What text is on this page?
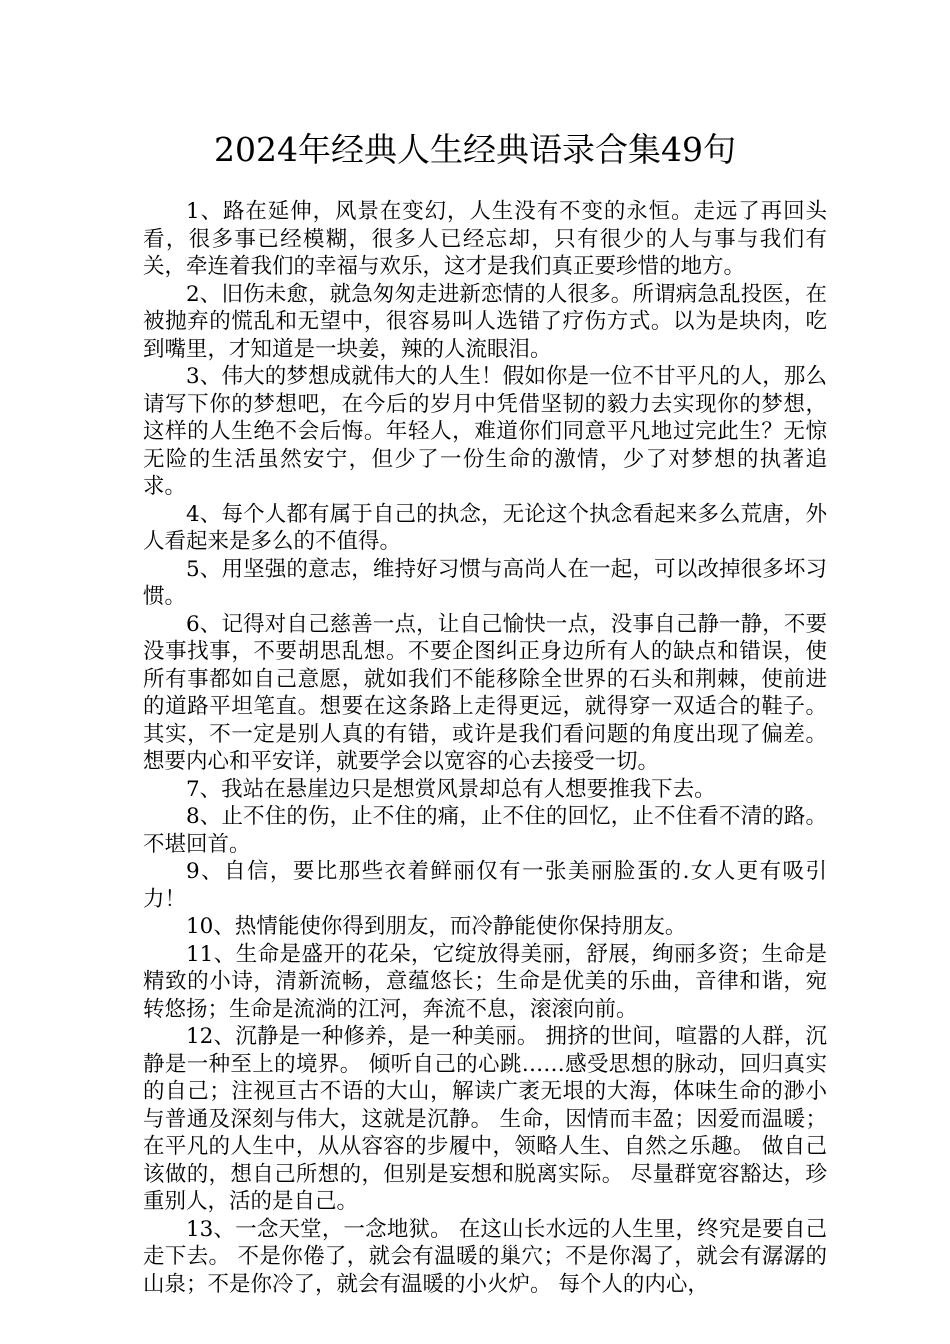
2024年经典人生经典语录合集49句

1、路在延伸，风景在变幻，人生没有不变的永恒。走远了再回头看，很多事已经模糊，很多人已经忘却，只有很少的人与事与我们有关，牵连着我们的幸福与欢乐，这才是我们真正要珍惜的地方。

2、旧伤未愈，就急匆匆走进新恋情的人很多。所谓病急乱投医，在被抛弃的慌乱和无望中，很容易叫人选错了疗伤方式。以为是块肉，吃到嘴里，才知道是一块姜，辣的人流眼泪。

3、伟大的梦想成就伟大的人生！假如你是一位不甘平凡的人，那么请写下你的梦想吧，在今后的岁月中凭借坚韧的毅力去实现你的梦想，这样的人生绝不会后悔。年轻人，难道你们同意平凡地过完此生？无惊无险的生活虽然安宁，但少了一份生命的激情，少了对梦想的执著追求。

4、每个人都有属于自己的执念，无论这个执念看起来多么荒唐，外人看起来是多么的不值得。

5、用坚强的意志，维持好习惯与高尚人在一起，可以改掉很多坏习惯。

6、记得对自己慈善一点，让自己愉快一点，没事自己静一静，不要没事找事，不要胡思乱想。不要企图纠正身边所有人的缺点和错误，使所有事都如自己意愿，就如我们不能移除全世界的石头和荆棘，使前进的道路平坦笔直。想要在这条路上走得更远，就得穿一双适合的鞋子。其实，不一定是别人真的有错，或许是我们看问题的角度出现了偏差。想要内心和平安详，就要学会以宽容的心去接受一切。

7、我站在悬崖边只是想赏风景却总有人想要推我下去。

8、止不住的伤，止不住的痛，止不住的回忆，止不住看不清的路。不堪回首。

9、自信，要比那些衣着鲜丽仅有一张美丽脸蛋的.女人更有吸引力！

10、热情能使你得到朋友，而冷静能使你保持朋友。

11、生命是盛开的花朵，它绽放得美丽，舒展，绚丽多资；生命是精致的小诗，清新流畅，意蕴悠长；生命是优美的乐曲，音律和谐，宛转悠扬；生命是流淌的江河，奔流不息，滚滚向前。

12、沉静是一种修养，是一种美丽。 拥挤的世间，喧嚣的人群，沉静是一种至上的境界。 倾听自己的心跳……感受思想的脉动，回归真实的自己；注视亘古不语的大山，解读广袤无垠的大海，体味生命的渺小与普通及深刻与伟大，这就是沉静。 生命，因情而丰盈；因爱而温暖；在平凡的人生中，从从容容的步履中，领略人生、自然之乐趣。 做自己该做的，想自己所想的，但别是妄想和脱离实际。 尽量群宽容豁达，珍重别人，活的是自己。

13、一念天堂，一念地狱。 在这山长水远的人生里，终究是要自己走下去。 不是你倦了，就会有温暖的巢穴；不是你渴了，就会有潺潺的山泉；不是你冷了，就会有温暖的小火炉。 每个人的内心，
